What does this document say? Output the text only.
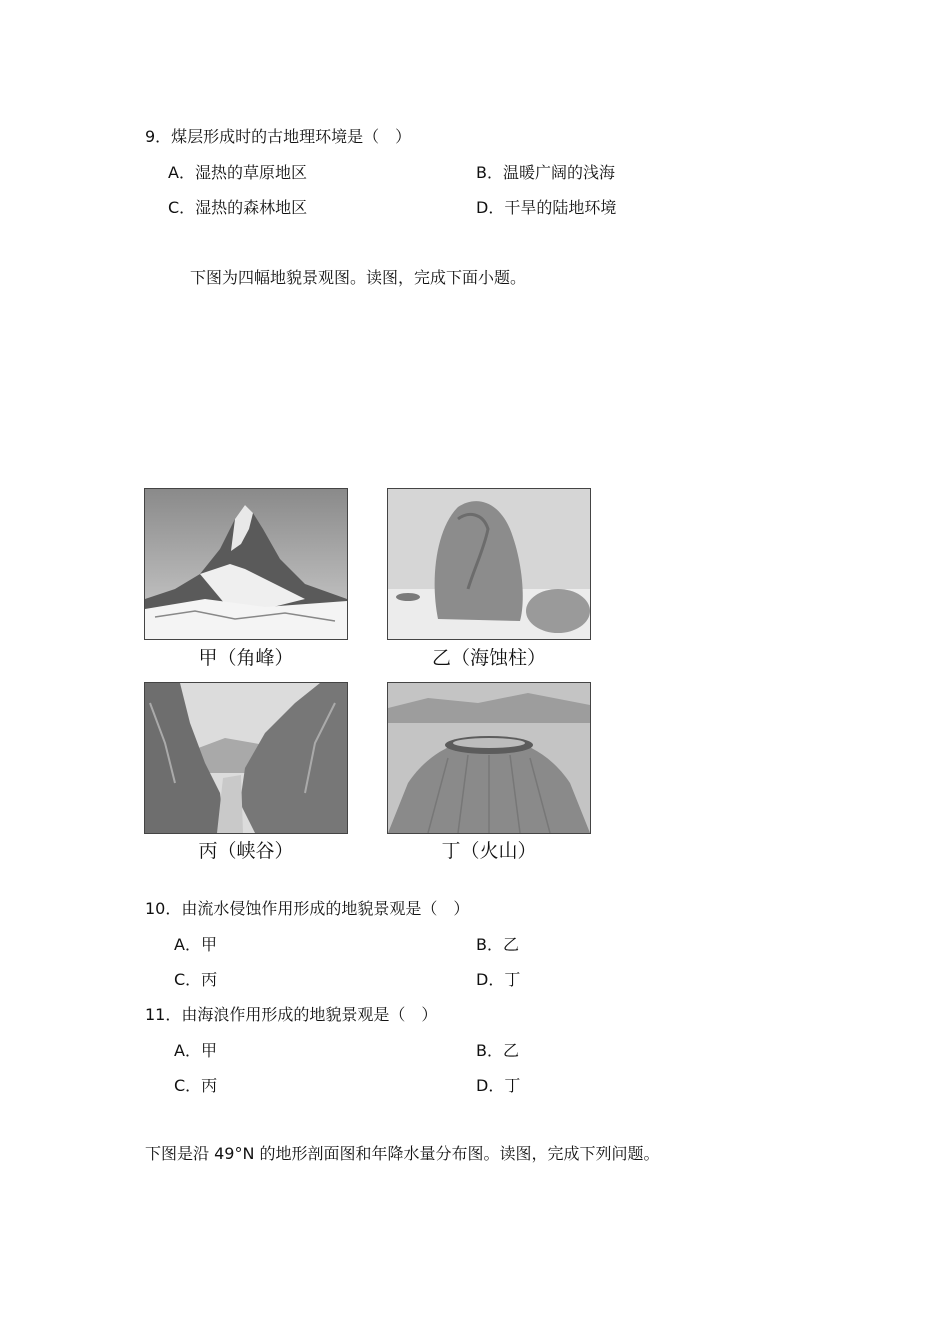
9．煤层形成时的古地理环境是（　）
A．湿热的草原地区	B．温暖广阔的浅海
C．湿热的森林地区	D．干旱的陆地环境
下图为四幅地貌景观图。读图，完成下面小题。
甲（角峰）	乙（海蚀柱）
丙（峡谷）	丁（火山）
10．由流水侵蚀作用形成的地貌景观是（　）
A．甲	B．乙
C．丙	D．丁
11．由海浪作用形成的地貌景观是（　）
A．甲	B．乙
C．丙	D．丁
下图是沿 49°N 的地形剖面图和年降水量分布图。读图，完成下列问题。
